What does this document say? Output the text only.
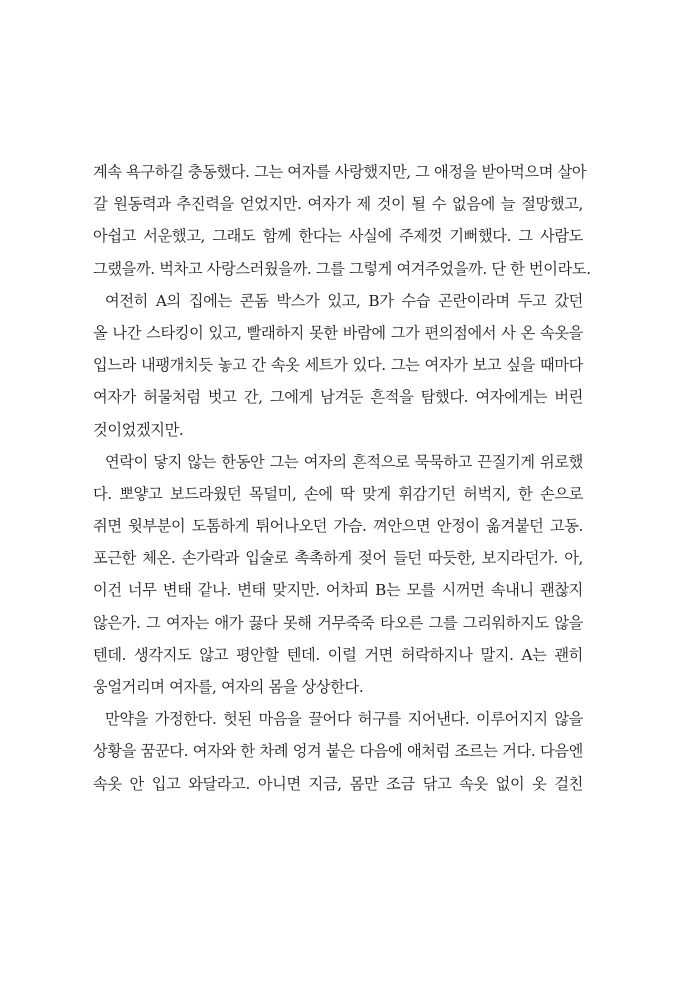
계속 욕구하길 충동했다. 그는 여자를 사랑했지만, 그 애정을 받아먹으며 살아
갈 원동력과 추진력을 얻었지만. 여자가 제 것이 될 수 없음에 늘 절망했고,
아쉽고 서운했고, 그래도 함께 한다는 사실에 주제껏 기뻐했다. 그 사람도
그랬을까. 벅차고 사랑스러웠을까. 그를 그렇게 여겨주었을까. 단 한 번이라도.
여전히 A의 집에는 콘돔 박스가 있고, B가 수습 곤란이라며 두고 갔던
올 나간 스타킹이 있고, 빨래하지 못한 바람에 그가 편의점에서 사 온 속옷을
입느라 내팽개치듯 놓고 간 속옷 세트가 있다. 그는 여자가 보고 싶을 때마다
여자가 허물처럼 벗고 간, 그에게 남겨둔 흔적을 탐했다. 여자에게는 버린
것이었겠지만.
연락이 닿지 않는 한동안 그는 여자의 흔적으로 묵묵하고 끈질기게 위로했
다. 뽀얗고 보드라웠던 목덜미, 손에 딱 맞게 휘감기던 허벅지, 한 손으로
쥐면 윗부분이 도톰하게 튀어나오던 가슴. 껴안으면 안정이 옮겨붙던 고동.
포근한 체온. 손가락과 입술로 촉촉하게 젖어 들던 따듯한, 보지라던가. 아,
이건 너무 변태 같나. 변태 맞지만. 어차피 B는 모를 시꺼먼 속내니 괜찮지
않은가. 그 여자는 애가 끓다 못해 거무죽죽 타오른 그를 그리워하지도 않을
텐데. 생각지도 않고 평안할 텐데. 이럴 거면 허락하지나 말지. A는 괜히
웅얼거리며 여자를, 여자의 몸을 상상한다.
만약을 가정한다. 헛된 마음을 끌어다 허구를 지어낸다. 이루어지지 않을
상황을 꿈꾼다. 여자와 한 차례 엉겨 붙은 다음에 애처럼 조르는 거다. 다음엔
속옷 안 입고 와달라고. 아니면 지금, 몸만 조금 닦고 속옷 없이 옷 걸친
